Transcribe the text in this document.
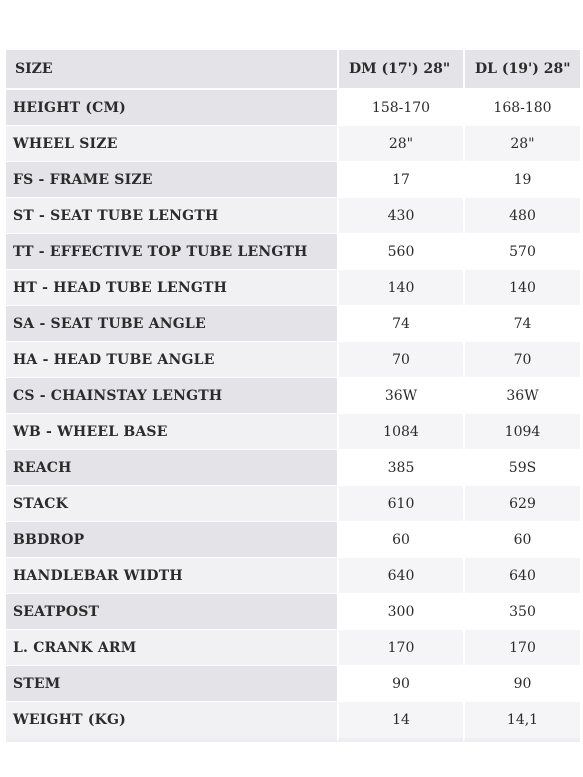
SIZE	DM (17') 28"	DL (19') 28"
HEIGHT (CM)	158-170	168-180
WHEEL SIZE	28"	28"
FS - FRAME SIZE	17	19
ST - SEAT TUBE LENGTH	430	480
TT - EFFECTIVE TOP TUBE LENGTH	560	570
HT - HEAD TUBE LENGTH	140	140
SA - SEAT TUBE ANGLE	74	74
HA - HEAD TUBE ANGLE	70	70
CS - CHAINSTAY LENGTH	36W	36W
WB - WHEEL BASE	1084	1094
REACH	385	59S
STACK	610	629
BBDROP	60	60
HANDLEBAR WIDTH	640	640
SEATPOST	300	350
L. CRANK ARM	170	170
STEM	90	90
WEIGHT (KG)	14	14,1
